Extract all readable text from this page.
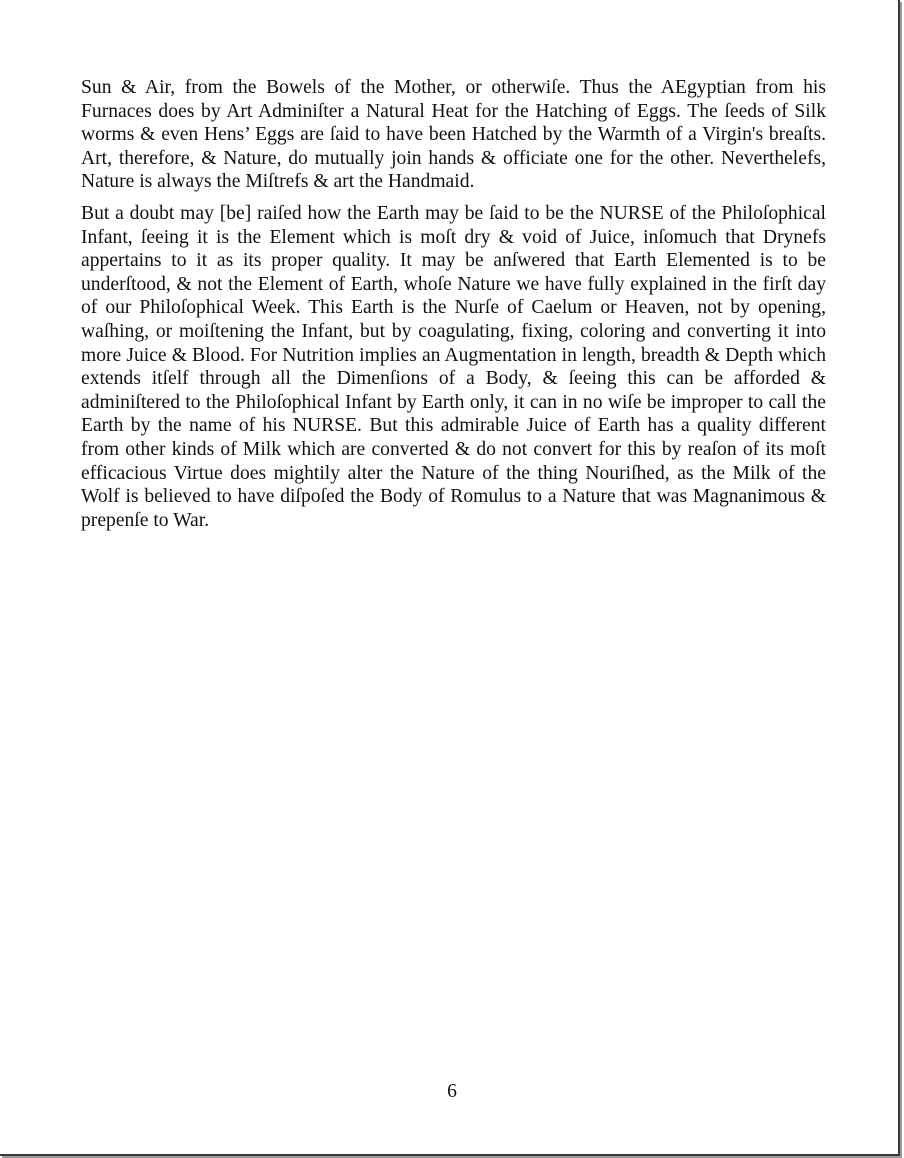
Sun & Air, from the Bowels of the Mother, or otherwiſe. Thus the AEgyptian from his Furnaces does by Art Adminiſter a Natural Heat for the Hatching of Eggs. The ſeeds of Silk worms & even Hens’ Eggs are ſaid to have been Hatched by the Warmth of a Virgin's breaſts. Art, therefore, & Nature, do mutually join hands & officiate one for the other. Neverthelefs, Nature is always the Miſtrefs & art the Handmaid.

But a doubt may [be] raiſed how the Earth may be ſaid to be the NURSE of the Philoſophical Infant, ſeeing it is the Element which is moſt dry & void of Juice, inſomuch that Drynefs appertains to it as its proper quality. It may be anſwered that Earth Elemented is to be underſtood, & not the Element of Earth, whoſe Nature we have fully explained in the firſt day of our Philoſophical Week. This Earth is the Nurſe of Caelum or Heaven, not by opening, waſhing, or moiſtening the Infant, but by coagulating, fixing, coloring and converting it into more Juice & Blood. For Nutrition implies an Augmentation in length, breadth & Depth which extends itſelf through all the Dimenſions of a Body, & ſeeing this can be afforded & adminiſtered to the Philoſophical Infant by Earth only, it can in no wiſe be improper to call the Earth by the name of his NURSE. But this admirable Juice of Earth has a quality different from other kinds of Milk which are converted & do not convert for this by reaſon of its moſt efficacious Virtue does mightily alter the Nature of the thing Nouriſhed, as the Milk of the Wolf is believed to have diſpoſed the Body of Romulus to a Nature that was Magnanimous & prepenſe to War.

6
